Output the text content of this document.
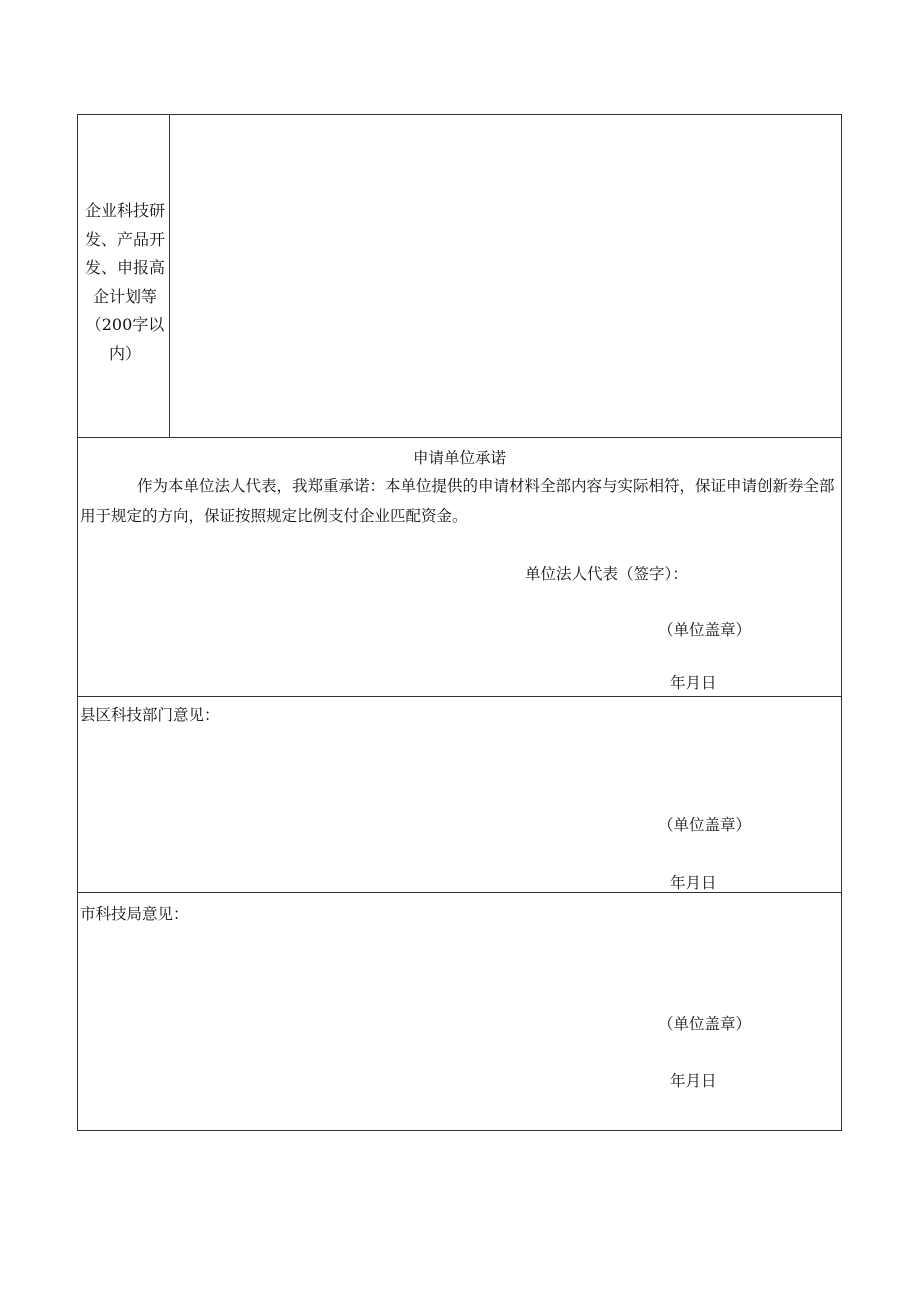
企业科技研发、产品开发、申报高企计划等（200字以内）
申请单位承诺
作为本单位法人代表，我郑重承诺：本单位提供的申请材料全部内容与实际相符，保证申请创新券全部用于规定的方向，保证按照规定比例支付企业匹配资金。
单位法人代表（签字）：
（单位盖章）
年月日
县区科技部门意见：
（单位盖章）
年月日
市科技局意见：
（单位盖章）
年月日
